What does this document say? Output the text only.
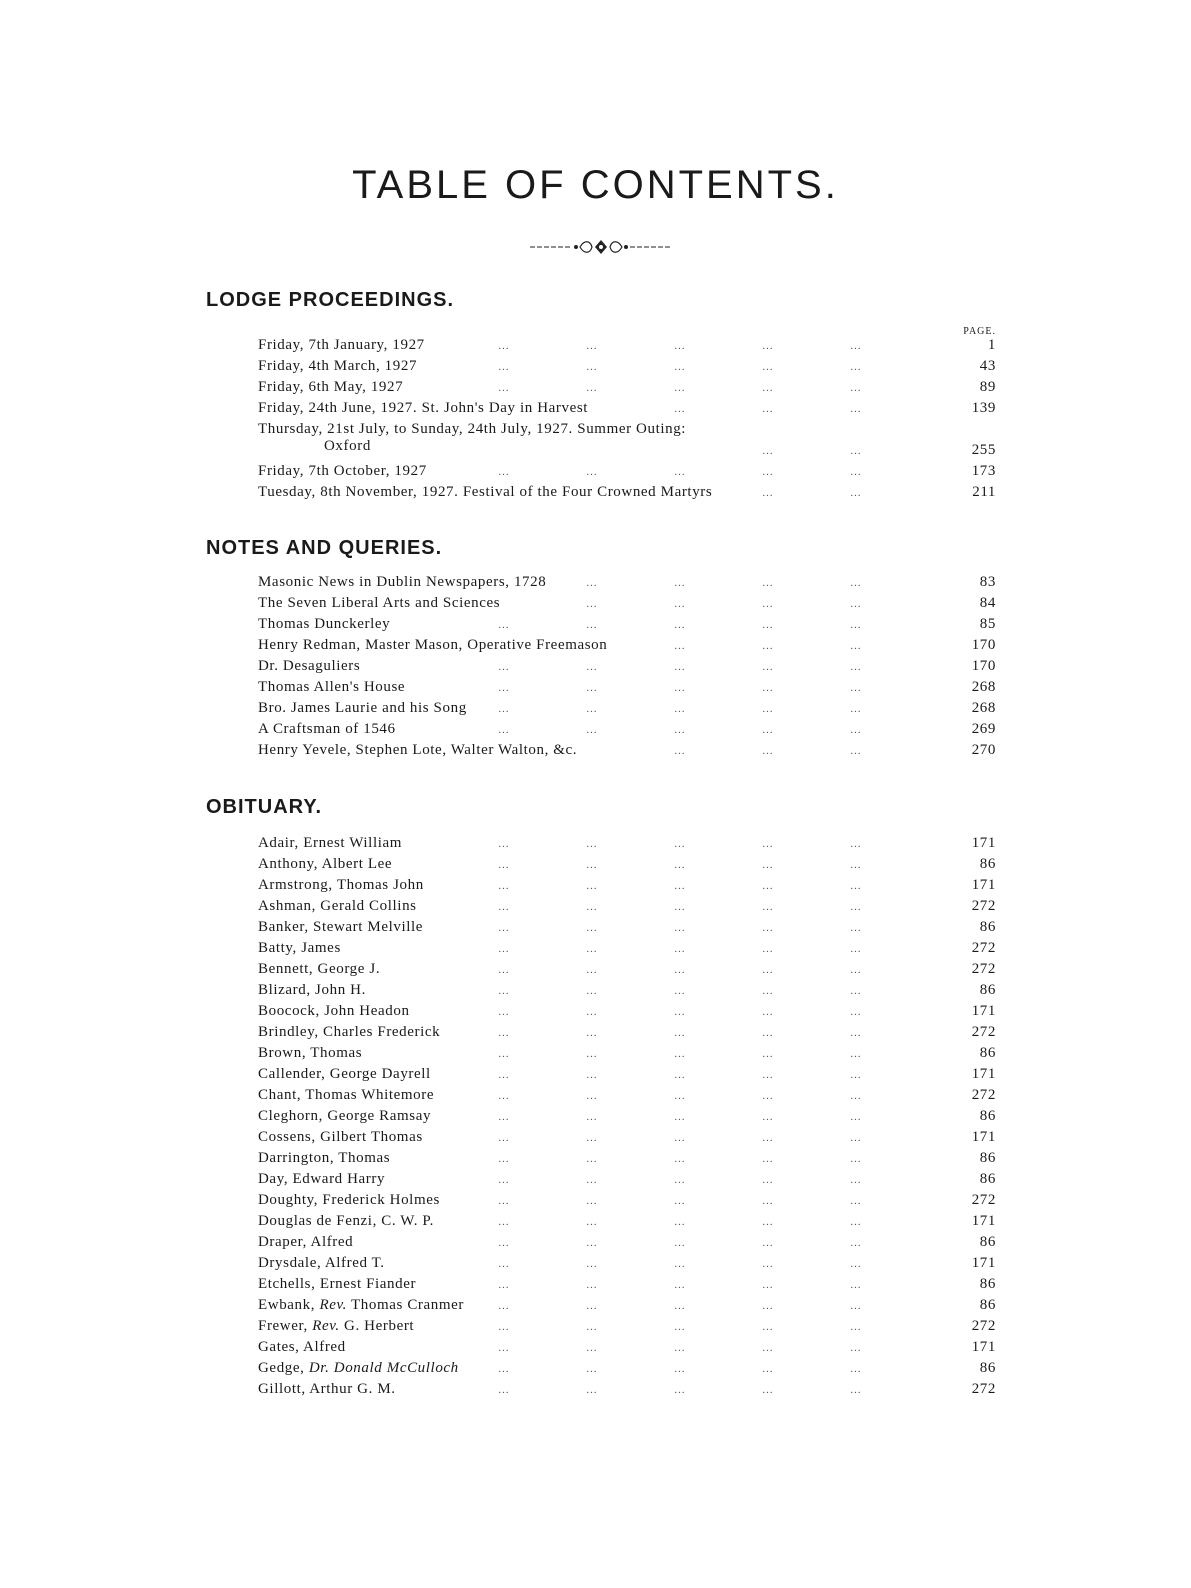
TABLE OF CONTENTS.
LODGE PROCEEDINGS.
PAGE.
NOTES AND QUERIES.
OBITUARY.
Friday, 7th January, 1927	…	…	…	…	…	1
Friday, 4th March, 1927	…	…	…	…	…	43
Friday, 6th May, 1927	…	…	…	…	…	89
Friday, 24th June, 1927. St. John's Day in Harvest	…	…	…	139
Thursday, 21st July, to Sunday, 24th July, 1927. Summer Outing:
Oxford	…	…	255
Friday, 7th October, 1927	…	…	…	…	…	173
Tuesday, 8th November, 1927. Festival of the Four Crowned Martyrs	…	…	211
Masonic News in Dublin Newspapers, 1728	…	…	…	…	83
The Seven Liberal Arts and Sciences	…	…	…	…	84
Thomas Dunckerley	…	…	…	…	…	85
Henry Redman, Master Mason, Operative Freemason	…	…	…	170
Dr. Desaguliers	…	…	…	…	…	170
Thomas Allen's House	…	…	…	…	…	268
Bro. James Laurie and his Song	…	…	…	…	…	268
A Craftsman of 1546	…	…	…	…	…	269
Henry Yevele, Stephen Lote, Walter Walton, &c.	…	…	…	270
Adair, Ernest William	…	…	…	…	…	171
Anthony, Albert Lee	…	…	…	…	…	86
Armstrong, Thomas John	…	…	…	…	…	171
Ashman, Gerald Collins	…	…	…	…	…	272
Banker, Stewart Melville	…	…	…	…	…	86
Batty, James	…	…	…	…	…	272
Bennett, George J.	…	…	…	…	…	272
Blizard, John H.	…	…	…	…	…	86
Boocock, John Headon	…	…	…	…	…	171
Brindley, Charles Frederick	…	…	…	…	…	272
Brown, Thomas	…	…	…	…	…	86
Callender, George Dayrell	…	…	…	…	…	171
Chant, Thomas Whitemore	…	…	…	…	…	272
Cleghorn, George Ramsay	…	…	…	…	…	86
Cossens, Gilbert Thomas	…	…	…	…	…	171
Darrington, Thomas	…	…	…	…	…	86
Day, Edward Harry	…	…	…	…	…	86
Doughty, Frederick Holmes	…	…	…	…	…	272
Douglas de Fenzi, C. W. P.	…	…	…	…	…	171
Draper, Alfred	…	…	…	…	…	86
Drysdale, Alfred T.	…	…	…	…	…	171
Etchells, Ernest Fiander	…	…	…	…	…	86
Ewbank, Rev. Thomas Cranmer	…	…	…	…	…	86
Frewer, Rev. G. Herbert	…	…	…	…	…	272
Gates, Alfred	…	…	…	…	…	171
Gedge, Dr. Donald McCulloch	…	…	…	…	…	86
Gillott, Arthur G. M.	…	…	…	…	…	272
